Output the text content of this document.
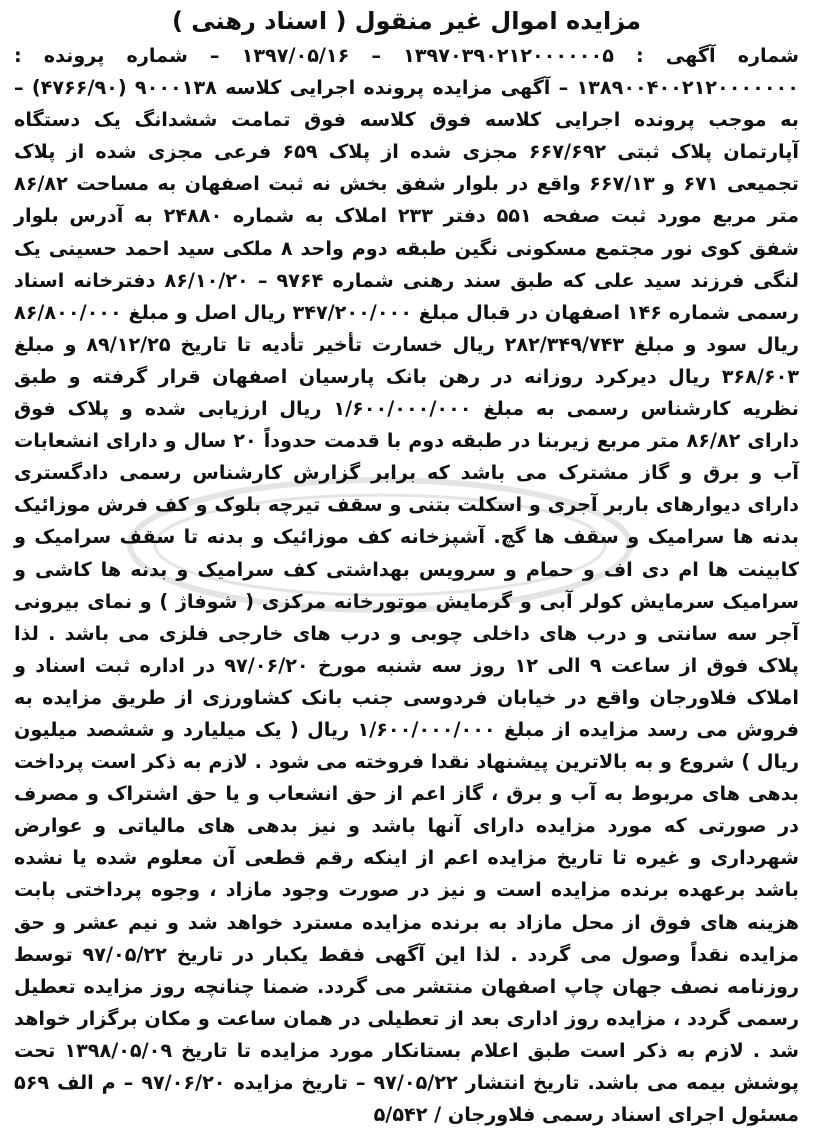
مزایده اموال غیر منقول ( اسناد رهنی )

شماره آگهی : ۱۳۹۷۰۳۹۰۲۱۲۰۰۰۰۰۰۵ – ۱۳۹۷/۰۵/۱۶ – شماره پرونده : ۱۳۸۹۰۰۴۰۰۲۱۲۰۰۰۰۰۰۰ – آگهی مزایده پرونده اجرایی کلاسه ۹۰۰۰۱۳۸ (۴۷۶۶/۹۰) – به موجب پرونده اجرایی کلاسه فوق کلاسه فوق تمامت ششدانگ یک دستگاه آپارتمان پلاک ثبتی ۶۶۷/۶۹۲ مجزی شده از پلاک ۶۵۹ فرعی مجزی شده از پلاک تجمیعی ۶۷۱ و ۶۶۷/۱۳ واقع در بلوار شفق بخش نه ثبت اصفهان به مساحت ۸۶/۸۲ متر مربع مورد ثبت صفحه ۵۵۱ دفتر ۲۳۳ املاک به شماره ۲۴۸۸۰ به آدرس بلوار شفق کوی نور مجتمع مسکونی نگین طبقه دوم واحد ۸ ملکی سید احمد حسینی یک لنگی فرزند سید علی که طبق سند رهنی شماره ۹۷۶۴ – ۸۶/۱۰/۲۰ دفترخانه اسناد رسمی شماره ۱۴۶ اصفهان در قبال مبلغ ۳۴۷/۲۰۰/۰۰۰ ریال اصل و مبلغ ۸۶/۸۰۰/۰۰۰ ریال سود و مبلغ ۲۸۲/۳۴۹/۷۴۳ ریال خسارت تأخیر تأدیه تا تاریخ ۸۹/۱۲/۲۵ و مبلغ ۳۶۸/۶۰۳ ریال دیرکرد روزانه در رهن بانک پارسیان اصفهان قرار گرفته و طبق نظریه کارشناس رسمی به مبلغ ۱/۶۰۰/۰۰۰/۰۰۰ ریال ارزیابی شده و پلاک فوق دارای ۸۶/۸۲ متر مربع زیربنا در طبقه دوم با قدمت حدوداً ۲۰ سال و دارای انشعابات آب و برق و گاز مشترک می باشد که برابر گزارش کارشناس رسمی دادگستری دارای دیوارهای باربر آجری و اسکلت بتنی و سقف تیرچه بلوک و کف فرش موزائیک بدنه ها سرامیک و سقف ها گچ. آشپزخانه کف موزائیک و بدنه تا سقف سرامیک و کابینت ها ام دی اف و حمام و سرویس بهداشتی کف سرامیک و بدنه ها کاشی و سرامیک سرمایش کولر آبی و گرمایش موتورخانه مرکزی ( شوفاژ ) و نمای بیرونی آجر سه سانتی و درب های داخلی چوبی و درب های خارجی فلزی می باشد . لذا پلاک فوق از ساعت ۹ الی ۱۲ روز سه شنبه مورخ ۹۷/۰۶/۲۰ در اداره ثبت اسناد و املاک فلاورجان واقع در خیابان فردوسی جنب بانک کشاورزی از طریق مزایده به فروش می رسد مزایده از مبلغ ۱/۶۰۰/۰۰۰/۰۰۰ ریال ( یک میلیارد و ششصد میلیون ریال ) شروع و به بالاترین پیشنهاد نقدا فروخته می شود . لازم به ذکر است پرداخت بدهی های مربوط به آب و برق ، گاز اعم از حق انشعاب و یا حق اشتراک و مصرف در صورتی که مورد مزایده دارای آنها باشد و نیز بدهی های مالیاتی و عوارض شهرداری و غیره تا تاریخ مزایده اعم از اینکه رقم قطعی آن معلوم شده یا نشده باشد برعهده برنده مزایده است و نیز در صورت وجود مازاد ، وجوه پرداختی بابت هزینه های فوق از محل مازاد به برنده مزایده مسترد خواهد شد و نیم عشر و حق مزایده نقداً وصول می گردد . لذا این آگهی فقط یکبار در تاریخ ۹۷/۰۵/۲۲ توسط روزنامه نصف جهان چاپ اصفهان منتشر می گردد. ضمنا چنانچه روز مزایده تعطیل رسمی گردد ، مزایده روز اداری بعد از تعطیلی در همان ساعت و مکان برگزار خواهد شد . لازم به ذکر است طبق اعلام بستانکار مورد مزایده تا تاریخ ۱۳۹۸/۰۵/۰۹ تحت پوشش بیمه می باشد. تاریخ انتشار ۹۷/۰۵/۲۲ – تاریخ مزایده ۹۷/۰۶/۲۰ – م الف ۵۶۹ مسئول اجرای اسناد رسمی فلاورجان / ۵/۵۴۲
